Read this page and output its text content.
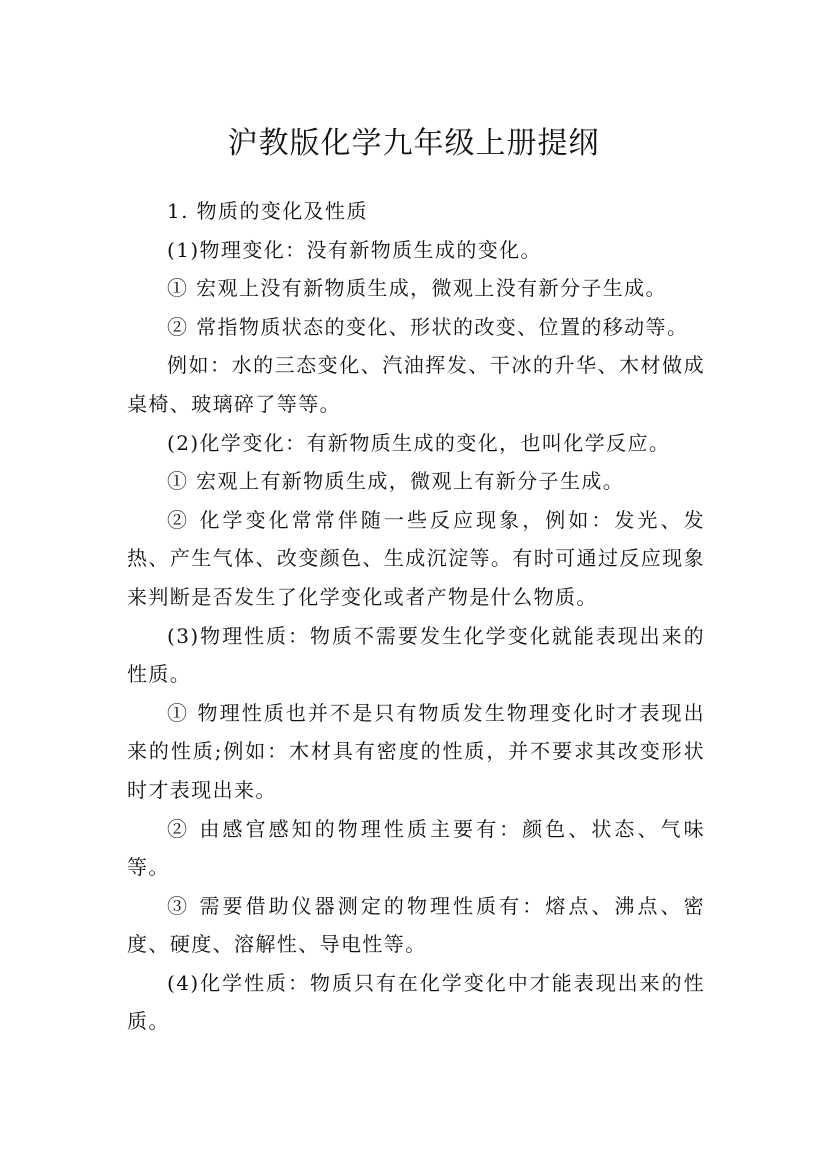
沪教版化学九年级上册提纲

1. 物质的变化及性质

(1)物理变化：没有新物质生成的变化。

① 宏观上没有新物质生成，微观上没有新分子生成。

② 常指物质状态的变化、形状的改变、位置的移动等。

例如：水的三态变化、汽油挥发、干冰的升华、木材做成桌椅、玻璃碎了等等。

(2)化学变化：有新物质生成的变化，也叫化学反应。

① 宏观上有新物质生成，微观上有新分子生成。

② 化学变化常常伴随一些反应现象，例如：发光、发热、产生气体、改变颜色、生成沉淀等。有时可通过反应现象来判断是否发生了化学变化或者产物是什么物质。

(3)物理性质：物质不需要发生化学变化就能表现出来的性质。

① 物理性质也并不是只有物质发生物理变化时才表现出来的性质;例如：木材具有密度的性质，并不要求其改变形状时才表现出来。

② 由感官感知的物理性质主要有：颜色、状态、气味等。

③ 需要借助仪器测定的物理性质有：熔点、沸点、密度、硬度、溶解性、导电性等。

(4)化学性质：物质只有在化学变化中才能表现出来的性质。
